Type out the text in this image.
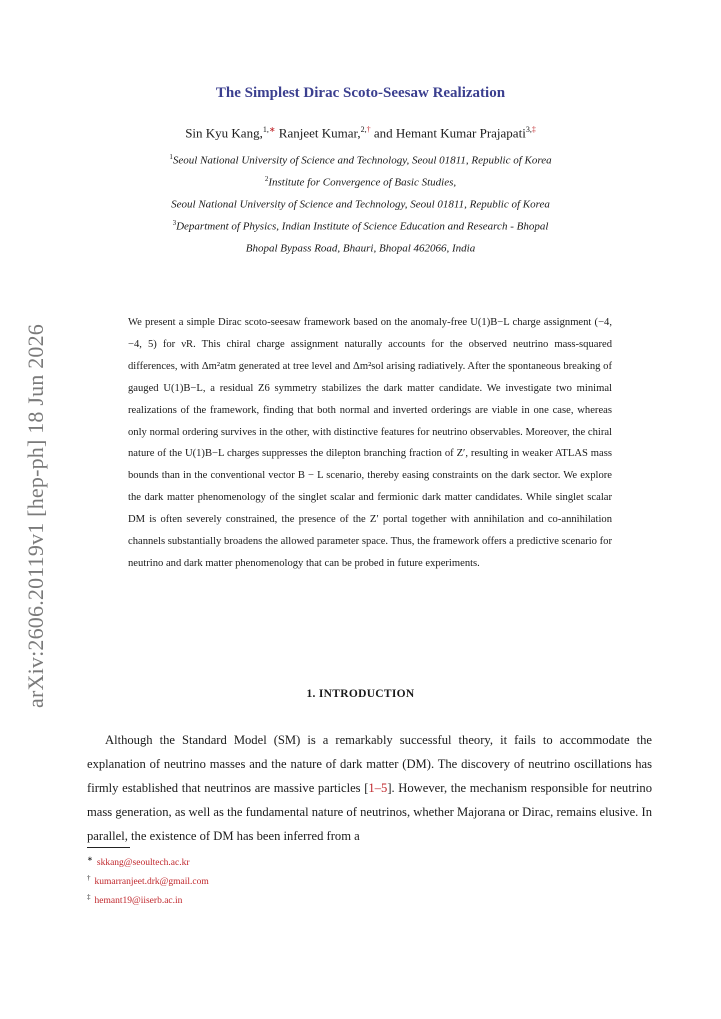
arXiv:2606.20119v1 [hep-ph] 18 Jun 2026
The Simplest Dirac Scoto-Seesaw Realization
Sin Kyu Kang,$^{1,∗}$ Ranjeet Kumar,$^{2,\dagger}$ and Hemant Kumar Prajapati$^{3,\ddagger}$
$^1$Seoul National University of Science and Technology, Seoul 01811, Republic of Korea
$^2$Institute for Convergence of Basic Studies,
Seoul National University of Science and Technology, Seoul 01811, Republic of Korea
$^3$Department of Physics, Indian Institute of Science Education and Research - Bhopal
Bhopal Bypass Road, Bhauri, Bhopal 462066, India

We present a simple Dirac scoto-seesaw framework based on the anomaly-free U(1)B−L charge assignment (−4, −4, 5) for νR. This chiral charge assignment naturally accounts for the observed neutrino mass-squared differences, with Δm²atm generated at tree level and Δm²sol arising radiatively. After the spontaneous breaking of gauged U(1)B−L, a residual Z6 symmetry stabilizes the dark matter candidate. We investigate two minimal realizations of the framework, finding that both normal and inverted orderings are viable in one case, whereas only normal ordering survives in the other, with distinctive features for neutrino observables. Moreover, the chiral nature of the U(1)B−L charges suppresses the dilepton branching fraction of Z′, resulting in weaker ATLAS mass bounds than in the conventional vector B − L scenario, thereby easing constraints on the dark sector. We explore the dark matter phenomenology of the singlet scalar and fermionic dark matter candidates. While singlet scalar DM is often severely constrained, the presence of the Z′ portal together with annihilation and co-annihilation channels substantially broadens the allowed parameter space. Thus, the framework offers a predictive scenario for neutrino and dark matter phenomenology that can be probed in future experiments.

1. INTRODUCTION

Although the Standard Model (SM) is a remarkably successful theory, it fails to accommodate the explanation of neutrino masses and the nature of dark matter (DM). The discovery of neutrino oscillations has firmly established that neutrinos are massive particles [1–5]. However, the mechanism responsible for neutrino mass generation, as well as the fundamental nature of neutrinos, whether Majorana or Dirac, remains elusive. In parallel, the existence of DM has been inferred from a

∗ skkang@seoultech.ac.kr
† kumarranjeet.drk@gmail.com
‡ hemant19@iiserb.ac.in
